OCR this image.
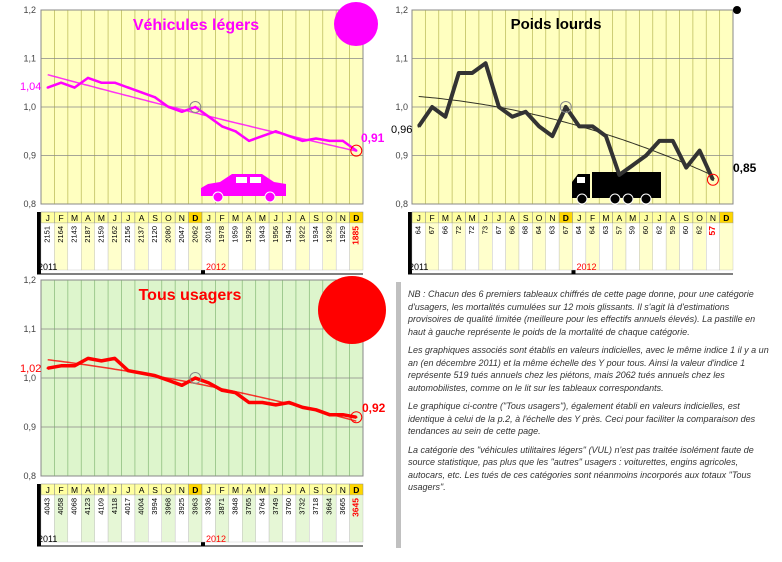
1,2
1,1
1,0
0,9
0,8
1,04
0,91
Véhicules légers
J F M A M J J A S O N D J F M A M J J A S O N D
2151 2164 2143 2187 2159 2162 2156 2137 2120 2080 2047 2062 2018 1978 1959 1926 1943 1956 1942 1922 1934 1929 1929 1885
2011	2012
1,2
1,1
1,0
0,9
0,8
0,96
0,85
Poids lourds
J F M A M J J A S O N D J F M A M J J A S O N D
64 67 66 72 72 73 67 66 68 64 63 67 64 64 63 57 59 60 62 59 60 62 57
2011	2012
1,2
1,1
1,0
0,9
0,8
1,02
0,92
Tous usagers
J F M A M J J A S O N D J F M A M J J A S O N D
4043 4058 4068 4123 4109 4118 4017 4004 3994 3968 3925 3963 3936 3871 3848 3765 3764 3749 3760 3732 3718 3664 3665 3645
2011	2012

NB : Chacun des 6 premiers tableaux chiffrés de cette page donne, pour une catégorie d'usagers, les mortalités cumulées sur 12 mois glissants. Il s'agit là d'estimations provisoires de qualité limitée (meilleure pour les effectifs annuels élevés). La pastille en haut à gauche représente le poids de la mortalité de chaque catégorie.

Les graphiques associés sont établis en valeurs indicielles, avec le même indice 1 il y a un an (en décembre 2011) et la même échelle des Y pour tous. Ainsi la valeur d'indice 1 représente 519 tués annuels chez les piétons, mais 2062 tués annuels chez les automobilistes, comme on le lit sur les tableaux correspondants.

Le graphique ci-contre ("Tous usagers"), également établi en valeurs indicielles, est identique à celui de la p.2, à l'échelle des Y près. Ceci pour faciliter la comparaison des tendances au sein de cette page.

La catégorie des "véhicules utilitaires légers" (VUL) n'est pas traitée isolément faute de source statistique, pas plus que les "autres" usagers : voiturettes, engins agricoles, autocars, etc. Les tués de ces catégories sont néanmoins incorporés aux totaux "Tous usagers".
